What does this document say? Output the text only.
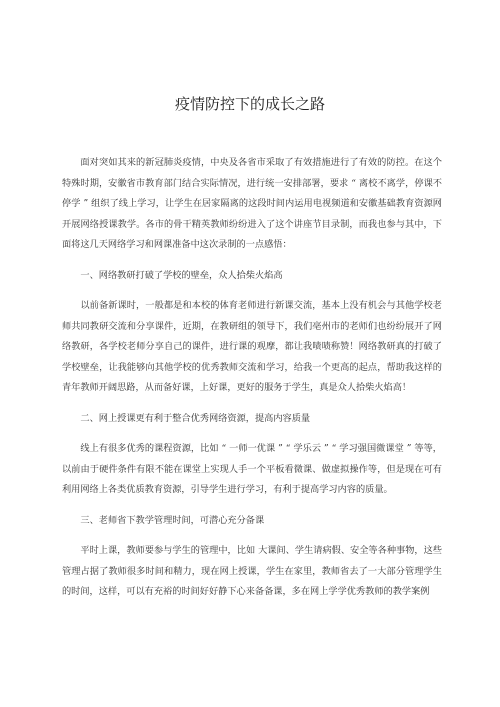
疫情防控下的成长之路

面对突如其来的新冠肺炎疫情，中央及各省市采取了有效措施进行了有效的防控。在这个特殊时期，安徽省市教育部门结合实际情况，进行统一安排部署，要求 “ 离校不离学，停课不停学 ” 组织了线上学习，让学生在居家隔离的这段时间内运用电视频道和安徽基础教育资源网开展网络授课教学。各市的骨干精英教师纷纷进入了这个讲座节目录制，而我也参与其中，下面将这几天网络学习和网课准备中这次录制的一点感悟：

一、网络教研打破了学校的壁垒，众人拾柴火焰高

以前备新课时，一般都是和本校的体育老师进行新课交流，基本上没有机会与其他学校老师共同教研交流和分享课件，近期，在教研组的领导下，我们亳州市的老师们也纷纷展开了网络教研，各学校老师分享自己的课件，进行课的观摩，都让我啧啧称赞！网络教研真的打破了学校壁垒，让我能够向其他学校的优秀教师交流和学习，给我一个更高的起点，帮助我这样的青年教师开阔思路，从而备好课，上好课，更好的服务于学生，真是众人拾柴火焰高！

二、网上授课更有利于整合优秀网络资源，提高内容质量

线上有很多优秀的课程资源，比如 “ 一师一优课 ” “ 学乐云 ” “ 学习强国微课堂 ” 等等，以前由于硬件条件有限不能在课堂上实现人手一个平板看微课、做虚拟操作等，但是现在可有利用网络上各类优质教育资源，引导学生进行学习，有利于提高学习内容的质量。

三、老师省下教学管理时间，可潜心充分备课

平时上课，教师要参与学生的管理中，比如 大课间、学生请病假、安全等各种事物，这些管理占据了教师很多时间和精力，现在网上授课，学生在家里，教师省去了一大部分管理学生的时间，这样，可以有充裕的时间好好静下心来备备课，多在网上学学优秀教师的教学案例
